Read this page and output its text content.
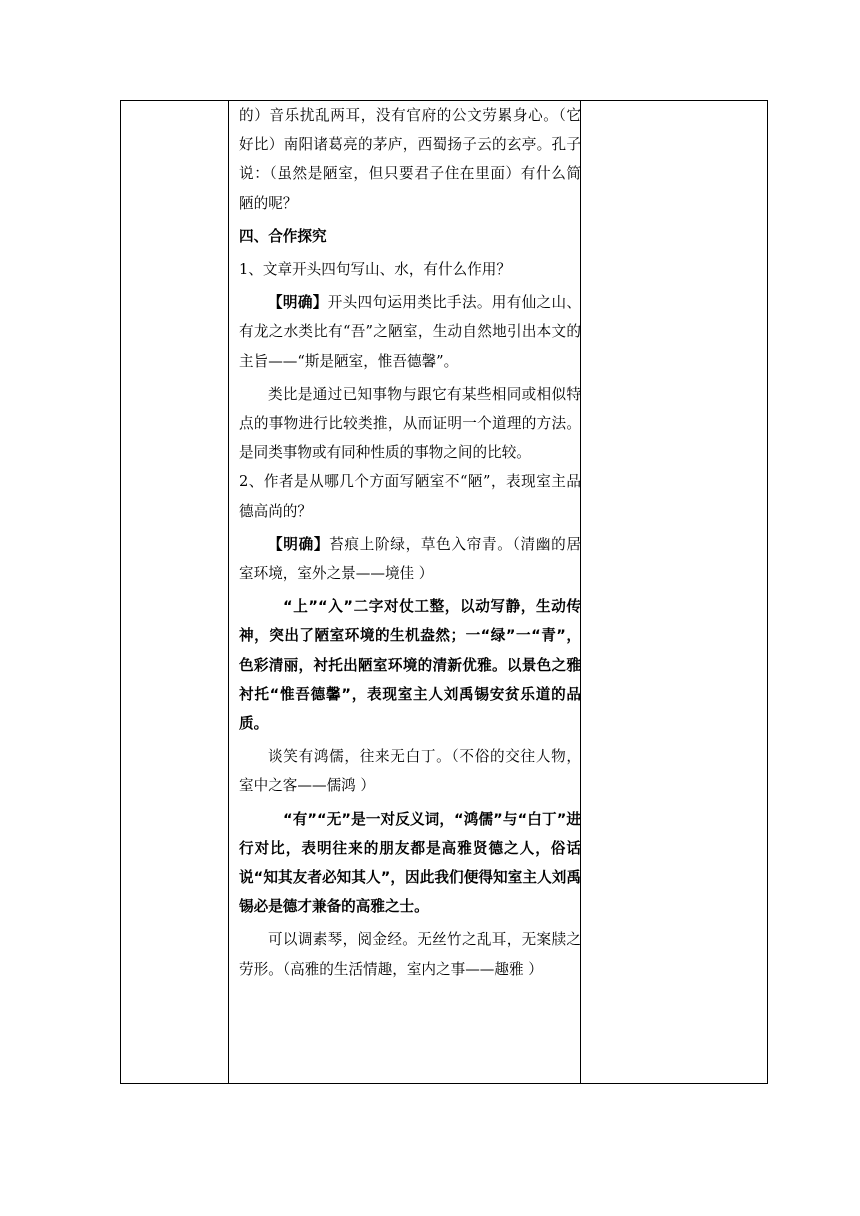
的）音乐扰乱两耳，没有官府的公文劳累身心。（它好比）南阳诸葛亮的茅庐，西蜀扬子云的玄亭。孔子说：（虽然是陋室，但只要君子住在里面）有什么简陋的呢？

四、合作探究

1、文章开头四句写山、水，有什么作用？

【明确】开头四句运用类比手法。用有仙之山、有龙之水类比有“吾”之陋室，生动自然地引出本文的主旨——“斯是陋室，惟吾德馨”。

类比是通过已知事物与跟它有某些相同或相似特点的事物进行比较类推，从而证明一个道理的方法。是同类事物或有同种性质的事物之间的比较。

2、作者是从哪几个方面写陋室不“陋”，表现室主品德高尚的？

【明确】苔痕上阶绿，草色入帘青。（清幽的居室环境，室外之景——境佳 ）

“上”“入”二字对仗工整，以动写静，生动传神，突出了陋室环境的生机盎然；一“绿”一“青”，色彩清丽，衬托出陋室环境的清新优雅。以景色之雅衬托“惟吾德馨”，表现室主人刘禹锡安贫乐道的品质。

谈笑有鸿儒，往来无白丁。（不俗的交往人物，室中之客——儒鸿 ）

“有”“无”是一对反义词，“鸿儒”与“白丁”进行对比，表明往来的朋友都是高雅贤德之人，俗话说“知其友者必知其人”，因此我们便得知室主人刘禹锡必是德才兼备的高雅之士。

可以调素琴，阅金经。无丝竹之乱耳，无案牍之劳形。（高雅的生活情趣，室内之事——趣雅 ）
